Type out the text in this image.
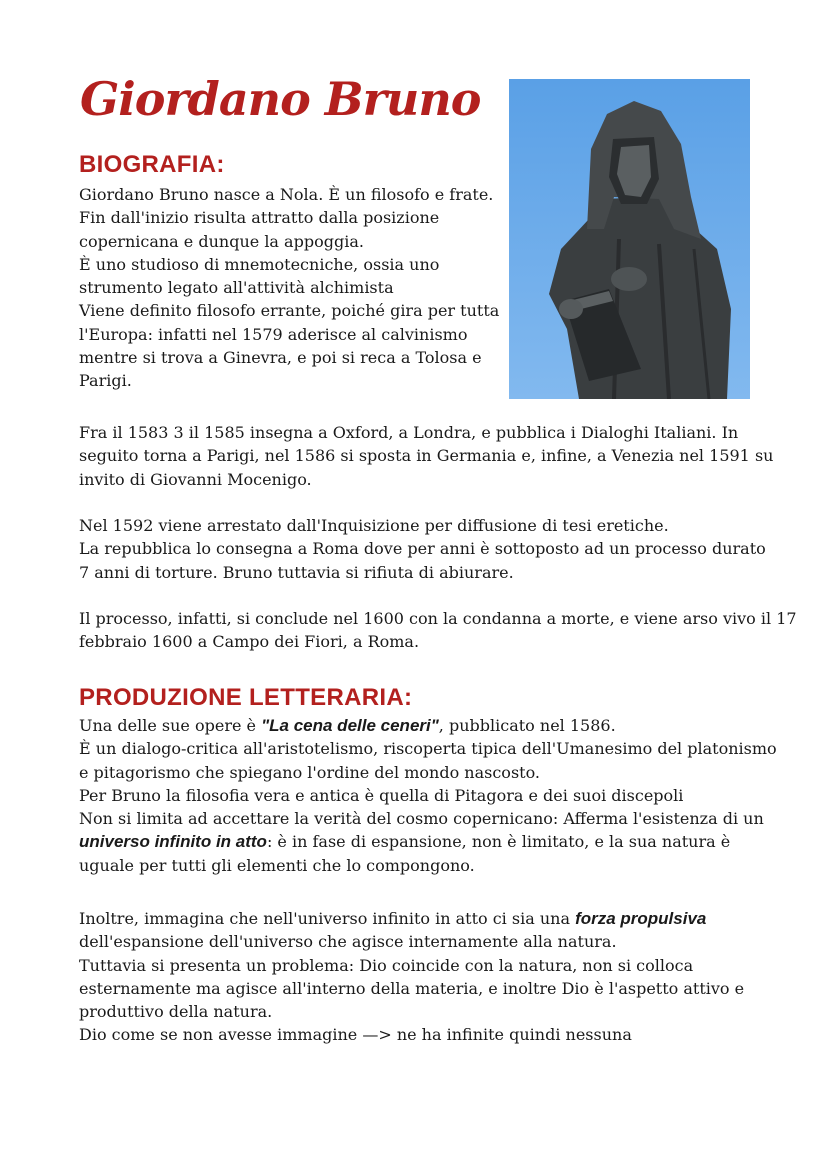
Giordano Bruno
BIOGRAFIA:
Giordano Bruno nasce a Nola. È un filosofo e frate.
Fin dall'inizio risulta attratto dalla posizione
copernicana e dunque la appoggia.
È uno studioso di mnemotecniche, ossia uno
strumento legato all'attività alchimista
Viene definito filosofo errante, poiché gira per tutta
l'Europa: infatti nel 1579 aderisce al calvinismo
mentre si trova a Ginevra, e poi si reca a Tolosa e
Parigi.
Fra il 1583 3 il 1585 insegna a Oxford, a Londra, e pubblica i Dialoghi Italiani. In
seguito torna a Parigi, nel 1586 si sposta in Germania e, infine, a Venezia nel 1591 su
invito di Giovanni Mocenigo.
Nel 1592 viene arrestato dall'Inquisizione per diffusione di tesi eretiche.
La repubblica lo consegna a Roma dove per anni è sottoposto ad un processo durato
7 anni di torture. Bruno tuttavia si rifiuta di abiurare.
Il processo, infatti, si conclude nel 1600 con la condanna a morte, e viene arso vivo il 17
febbraio 1600 a Campo dei Fiori, a Roma.
PRODUZIONE LETTERARIA:
Una delle sue opere è "La cena delle ceneri", pubblicato nel 1586.
È un dialogo-critica all'aristotelismo, riscoperta tipica dell'Umanesimo del platonismo
e pitagorismo che spiegano l'ordine del mondo nascosto.
Per Bruno la filosofia vera e antica è quella di Pitagora e dei suoi discepoli
Non si limita ad accettare la verità del cosmo copernicano: Afferma l'esistenza di un
universo infinito in atto: è in fase di espansione, non è limitato, e la sua natura è
uguale per tutti gli elementi che lo compongono.
Inoltre, immagina che nell'universo infinito in atto ci sia una forza propulsiva
dell'espansione dell'universo che agisce internamente alla natura.
Tuttavia si presenta un problema: Dio coincide con la natura, non si colloca
esternamente ma agisce all'interno della materia, e inoltre Dio è l'aspetto attivo e
produttivo della natura.
Dio come se non avesse immagine —> ne ha infinite quindi nessuna
